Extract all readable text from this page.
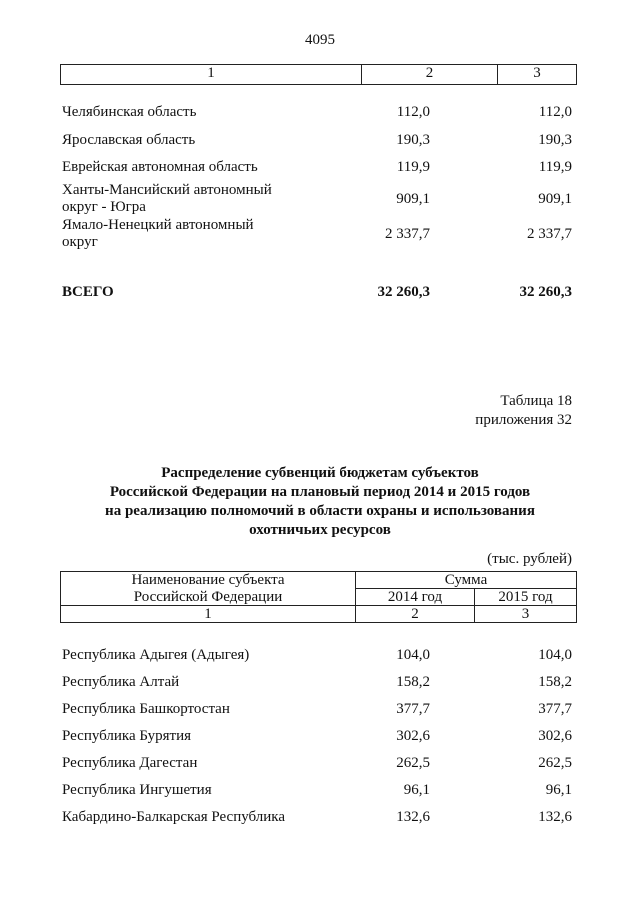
4095
1	2	3
Челябинская область	112,0	112,0
Ярославская область	190,3	190,3
Еврейская автономная область	119,9	119,9
Ханты-Мансийский автономный
округ - Югра	909,1	909,1
Ямало-Ненецкий автономный
округ	2 337,7	2 337,7
ВСЕГО	32 260,3	32 260,3
Таблица 18
приложения 32
Распределение субвенций бюджетам субъектов
Российской Федерации на плановый период 2014 и 2015 годов
на реализацию полномочий в области охраны и использования
охотничьих ресурсов
(тыс. рублей)
Наименование субъекта
Российской Федерации
Сумма
2014 год	2015 год
1	2	3
Республика Адыгея (Адыгея)	104,0	104,0
Республика Алтай	158,2	158,2
Республика Башкортостан	377,7	377,7
Республика Бурятия	302,6	302,6
Республика Дагестан	262,5	262,5
Республика Ингушетия	96,1	96,1
Кабардино-Балкарская Республика	132,6	132,6
